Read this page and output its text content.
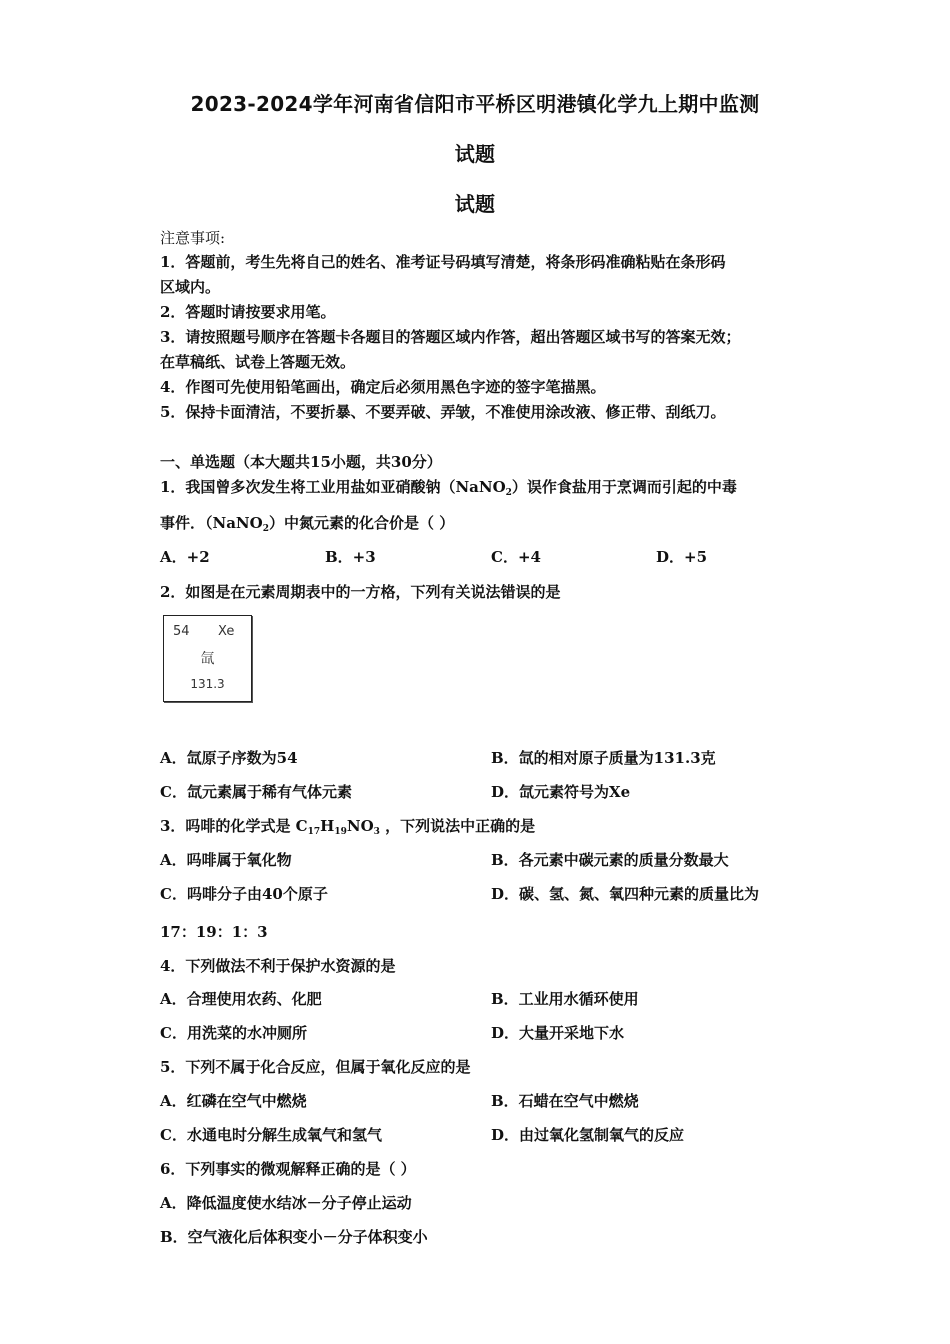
2023-2024学年河南省信阳市平桥区明港镇化学九上期中监测
试题
试题
注意事项:
1．答题前，考生先将自己的姓名、准考证号码填写清楚，将条形码准确粘贴在条形码
区域内。
2．答题时请按要求用笔。
3．请按照题号顺序在答题卡各题目的答题区域内作答，超出答题区域书写的答案无效；
在草稿纸、试卷上答题无效。
4．作图可先使用铅笔画出，确定后必须用黑色字迹的签字笔描黑。
5．保持卡面清洁，不要折暴、不要弄破、弄皱，不准使用涂改液、修正带、刮纸刀。
一、单选题（本大题共15小题，共30分）
1．我国曾多次发生将工业用盐如亚硝酸钠（NaNO$_2$）误作食盐用于烹调而引起的中毒
事件．（NaNO$_2$）中氮元素的化合价是（ ）
A．+2	B．+3	C．+4	D．+5
2．如图是在元素周期表中的一方格，下列有关说法错误的是
54 Xe
氙
131.3
A．氙原子序数为54	B．氙的相对原子质量为131.3克
C．氙元素属于稀有气体元素	D．氙元素符号为Xe
3．吗啡的化学式是 $C_{17}H_{19}NO_3$ ，下列说法中正确的是
A．吗啡属于氧化物	B．各元素中碳元素的质量分数最大
C．吗啡分子由40个原子	D．碳、氢、氮、氧四种元素的质量比为
17：19：1：3
4．下列做法不利于保护水资源的是
A．合理使用农药、化肥	B．工业用水循环使用
C．用洗菜的水冲厕所	D．大量开采地下水
5．下列不属于化合反应，但属于氧化反应的是
A．红磷在空气中燃烧	B．石蜡在空气中燃烧
C．水通电时分解生成氧气和氢气	D．由过氧化氢制氧气的反应
6．下列事实的微观解释正确的是（ ）
A．降低温度使水结冰－分子停止运动
B．空气液化后体积变小－分子体积变小
